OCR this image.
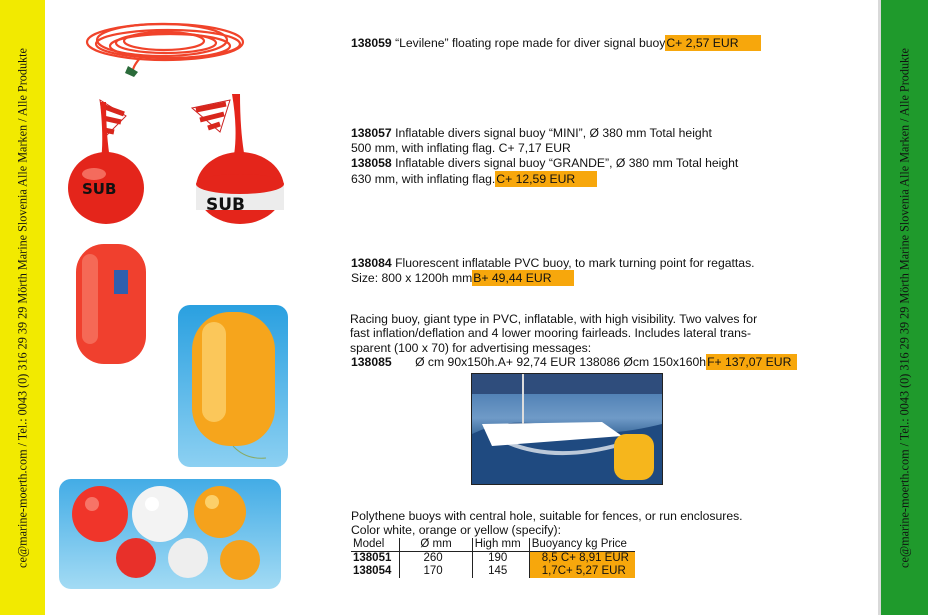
ce@marine-moerth.com / Tel.: 0043 (0) 316 29 39 29 Mörth Marine Slovenia Alle Marken / Alle Produkte	ce@marine-moerth.com / Tel.: 0043 (0) 316 29 39 29 Mörth Marine Slovenia Alle Marken / Alle Produkte
SUB
SUB
138059 “Levilene” floating rope made for diver signal buoyC+ 2,57 EUR
138057 Inflatable divers signal buoy “MINI”, Ø 380 mm Total height
500 mm, with inflating flag. C+ 7,17 EUR
138058 Inflatable divers signal buoy “GRANDE”, Ø 380 mm Total height
630 mm, with inflating flag.C+ 12,59 EUR
138084 Fluorescent inflatable PVC buoy, to mark turning point for regattas.
Size: 800 x 1200h mmB+ 49,44 EUR
Racing buoy, giant type in PVC, inflatable, with high visibility. Two valves for
fast inflation/deflation and 4 lower mooring fairleads. Includes lateral trans-
sparent (100 x 70) for advertising messages:
138085 Ø cm 90x150h.A+ 92,74 EUR 138086 Øcm 150x160hF+ 137,07 EUR
Polythene buoys with central hole, suitable for fences, or run enclosures.
Color white, orange or yellow (specify):
Model	Ø mm	High mm	Buoyancy kg Price
138051	260	190	8,5 C+ 8,91 EUR
138054	170	145	1,7C+ 5,27 EUR
